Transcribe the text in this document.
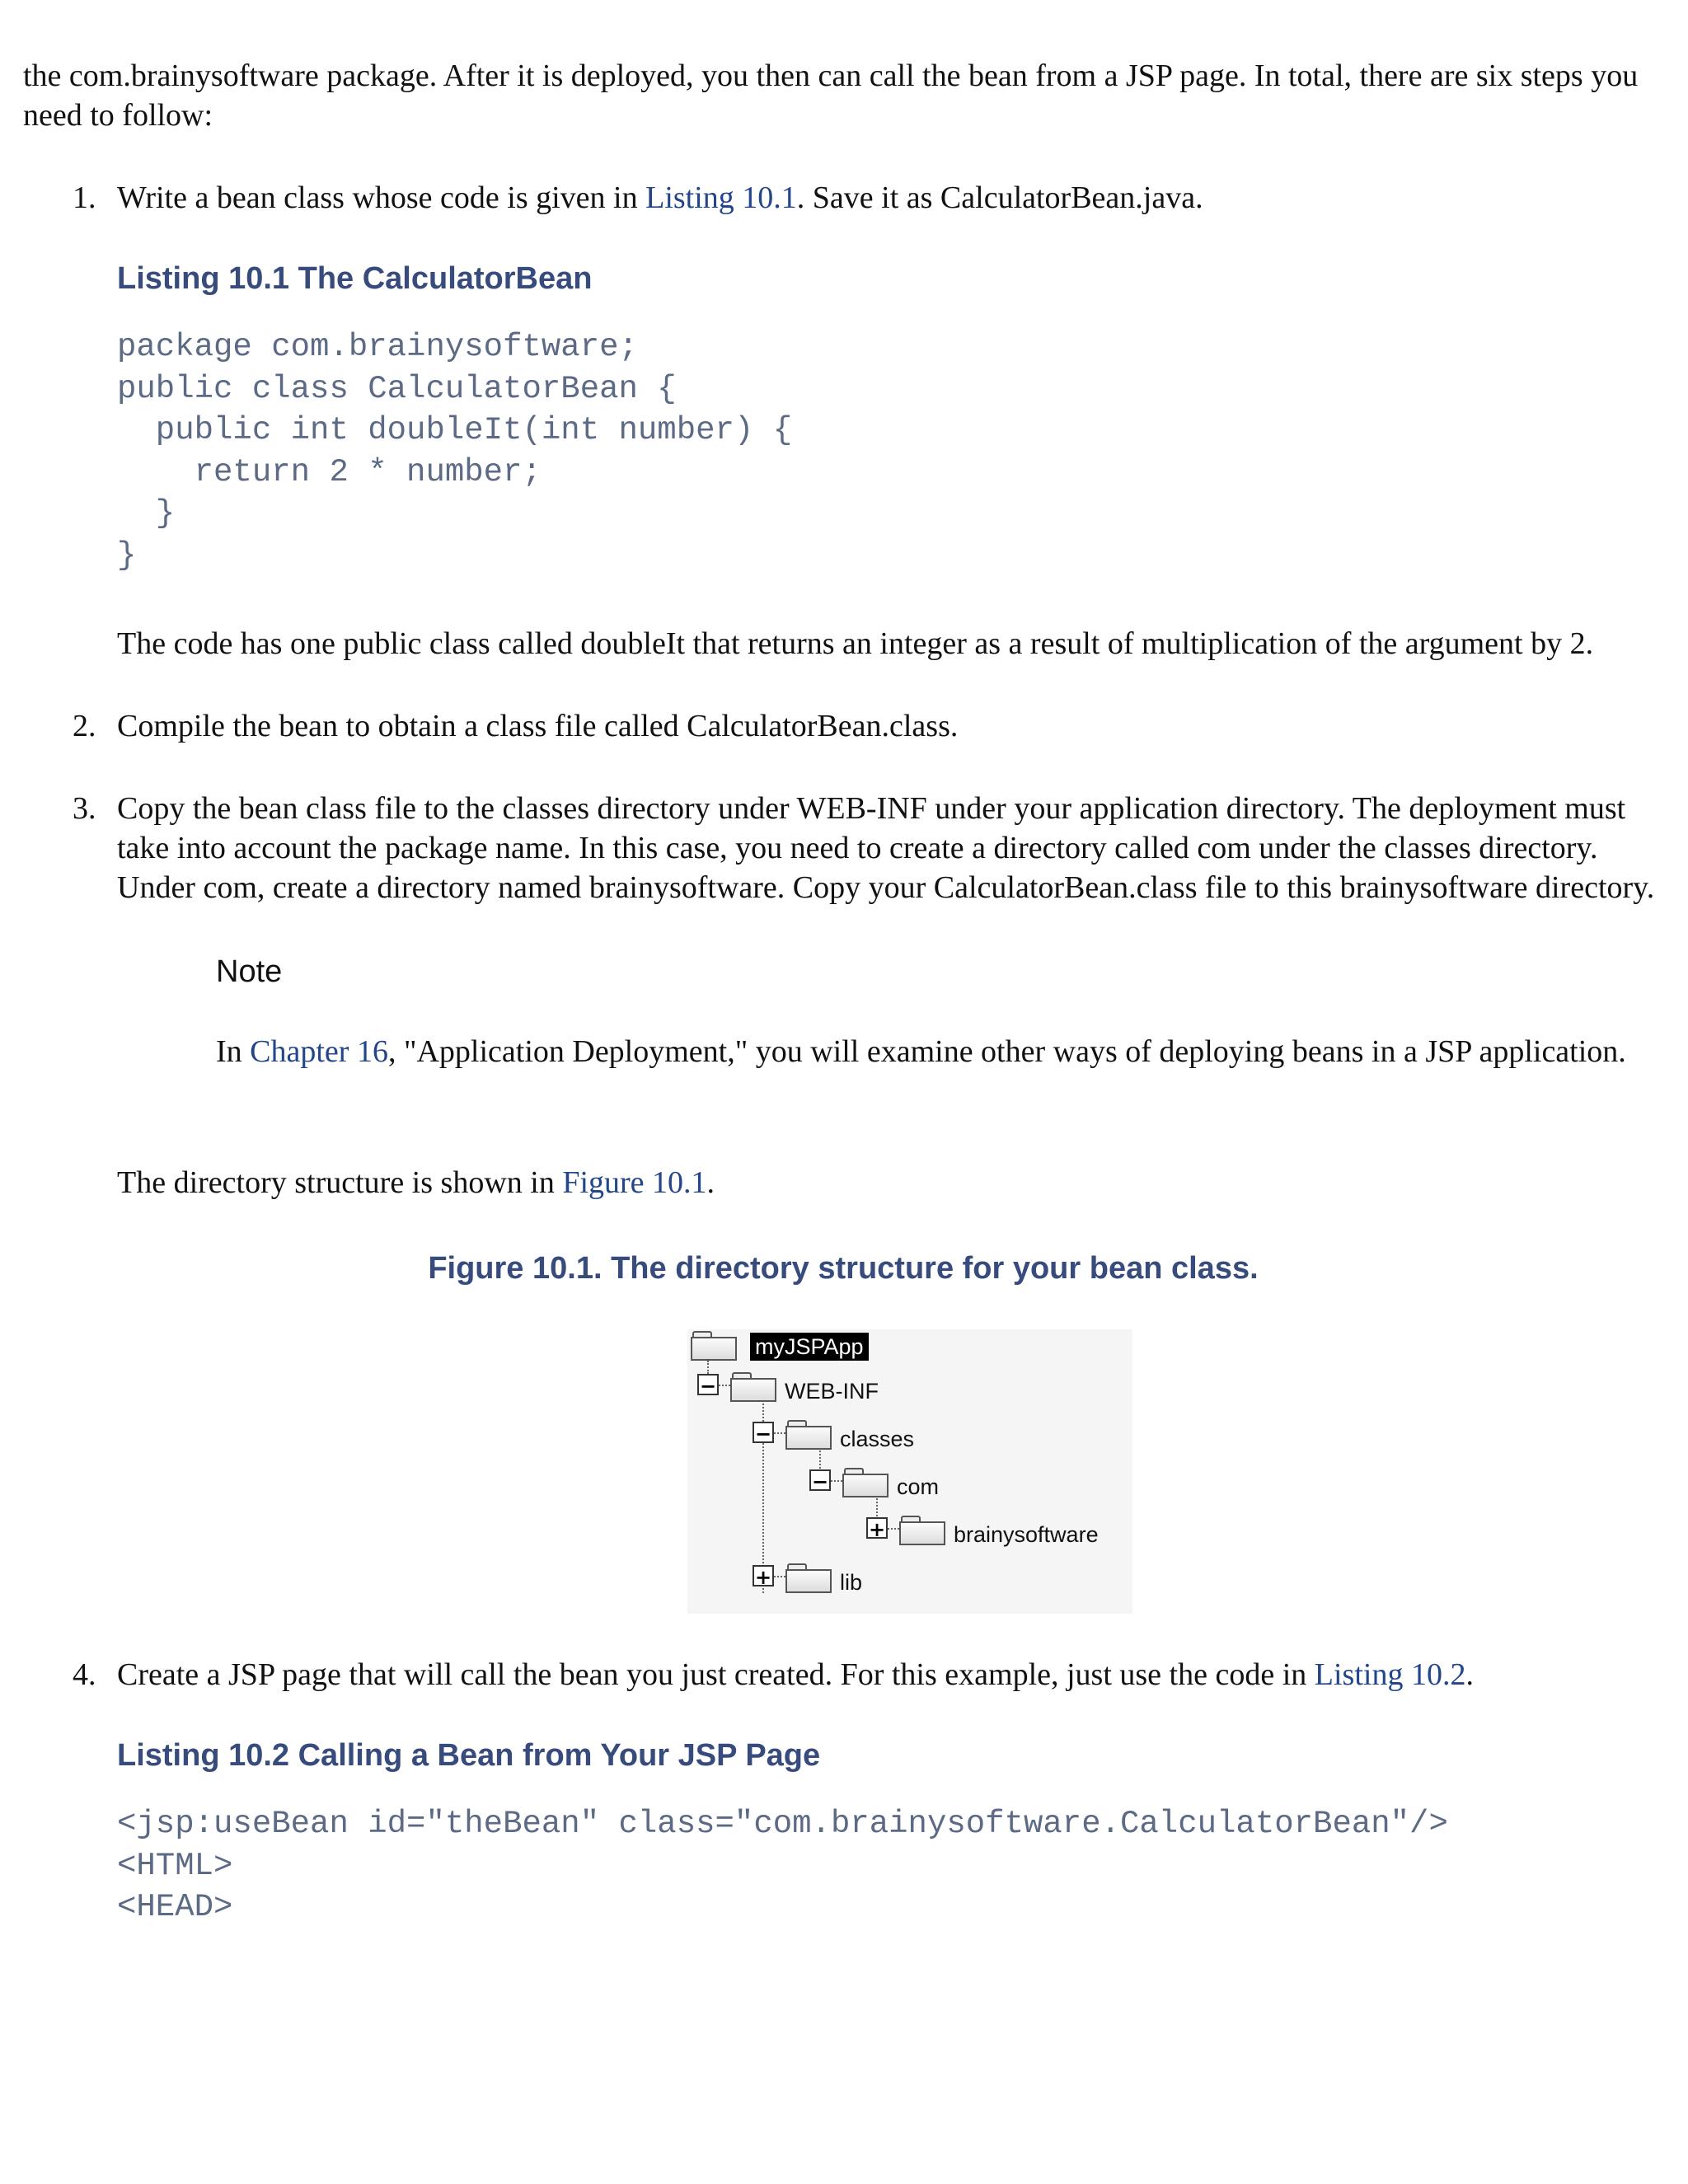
the com.brainysoftware package. After it is deployed, you then can call the bean from a JSP page. In total, there are six steps you need to follow:

1. Write a bean class whose code is given in Listing 10.1. Save it as CalculatorBean.java.

Listing 10.1 The CalculatorBean
package com.brainysoftware;
public class CalculatorBean {
public int doubleIt(int number) {
return 2 * number;
}
}

The code has one public class called doubleIt that returns an integer as a result of multiplication of the argument by 2.

2. Compile the bean to obtain a class file called CalculatorBean.class.

3. Copy the bean class file to the classes directory under WEB-INF under your application directory. The deployment must take into account the package name. In this case, you need to create a directory called com under the classes directory. Under com, create a directory named brainysoftware. Copy your CalculatorBean.class file to this brainysoftware directory.

Note

In Chapter 16, "Application Deployment," you will examine other ways of deploying beans in a JSP application.

The directory structure is shown in Figure 10.1.

Figure 10.1. The directory structure for your bean class.
myJSPApp
−	WEB-INF
−	classes
−	com
+	brainysoftware
+	lib
4. Create a JSP page that will call the bean you just created. For this example, just use the code in Listing 10.2.

Listing 10.2 Calling a Bean from Your JSP Page
<jsp:useBean id="theBean" class="com.brainysoftware.CalculatorBean"/>
<HTML>
<HEAD>
